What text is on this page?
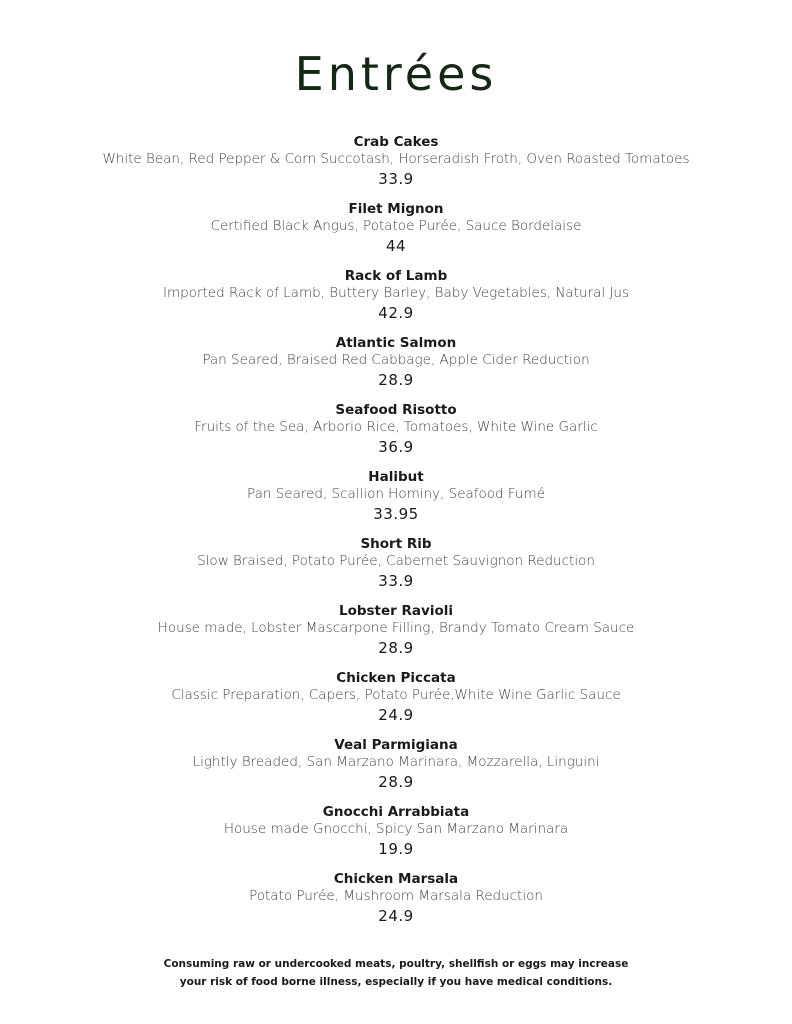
Entrées
Crab Cakes
White Bean, Red Pepper & Corn Succotash, Horseradish Froth, Oven Roasted Tomatoes
33.9
Filet Mignon
Certified Black Angus, Potatoe Purée, Sauce Bordelaise
44
Rack of Lamb
Imported Rack of Lamb, Buttery Barley, Baby Vegetables, Natural Jus
42.9
Atlantic Salmon
Pan Seared, Braised Red Cabbage, Apple Cider Reduction
28.9
Seafood Risotto
Fruits of the Sea, Arborio Rice, Tomatoes, White Wine Garlic
36.9
Halibut
Pan Seared, Scallion Hominy, Seafood Fumé
33.95
Short Rib
Slow Braised, Potato Purée, Cabernet Sauvignon Reduction
33.9
Lobster Ravioli
House made, Lobster Mascarpone Filling, Brandy Tomato Cream Sauce
28.9
Chicken Piccata
Classic Preparation, Capers, Potato Purée,White Wine Garlic Sauce
24.9
Veal Parmigiana
Lightly Breaded, San Marzano Marinara, Mozzarella, Linguini
28.9
Gnocchi Arrabbiata
House made Gnocchi, Spicy San Marzano Marinara
19.9
Chicken Marsala
Potato Purée, Mushroom Marsala Reduction
24.9
Consuming raw or undercooked meats, poultry, shellfish or eggs may increase
your risk of food borne illness, especially if you have medical conditions.
